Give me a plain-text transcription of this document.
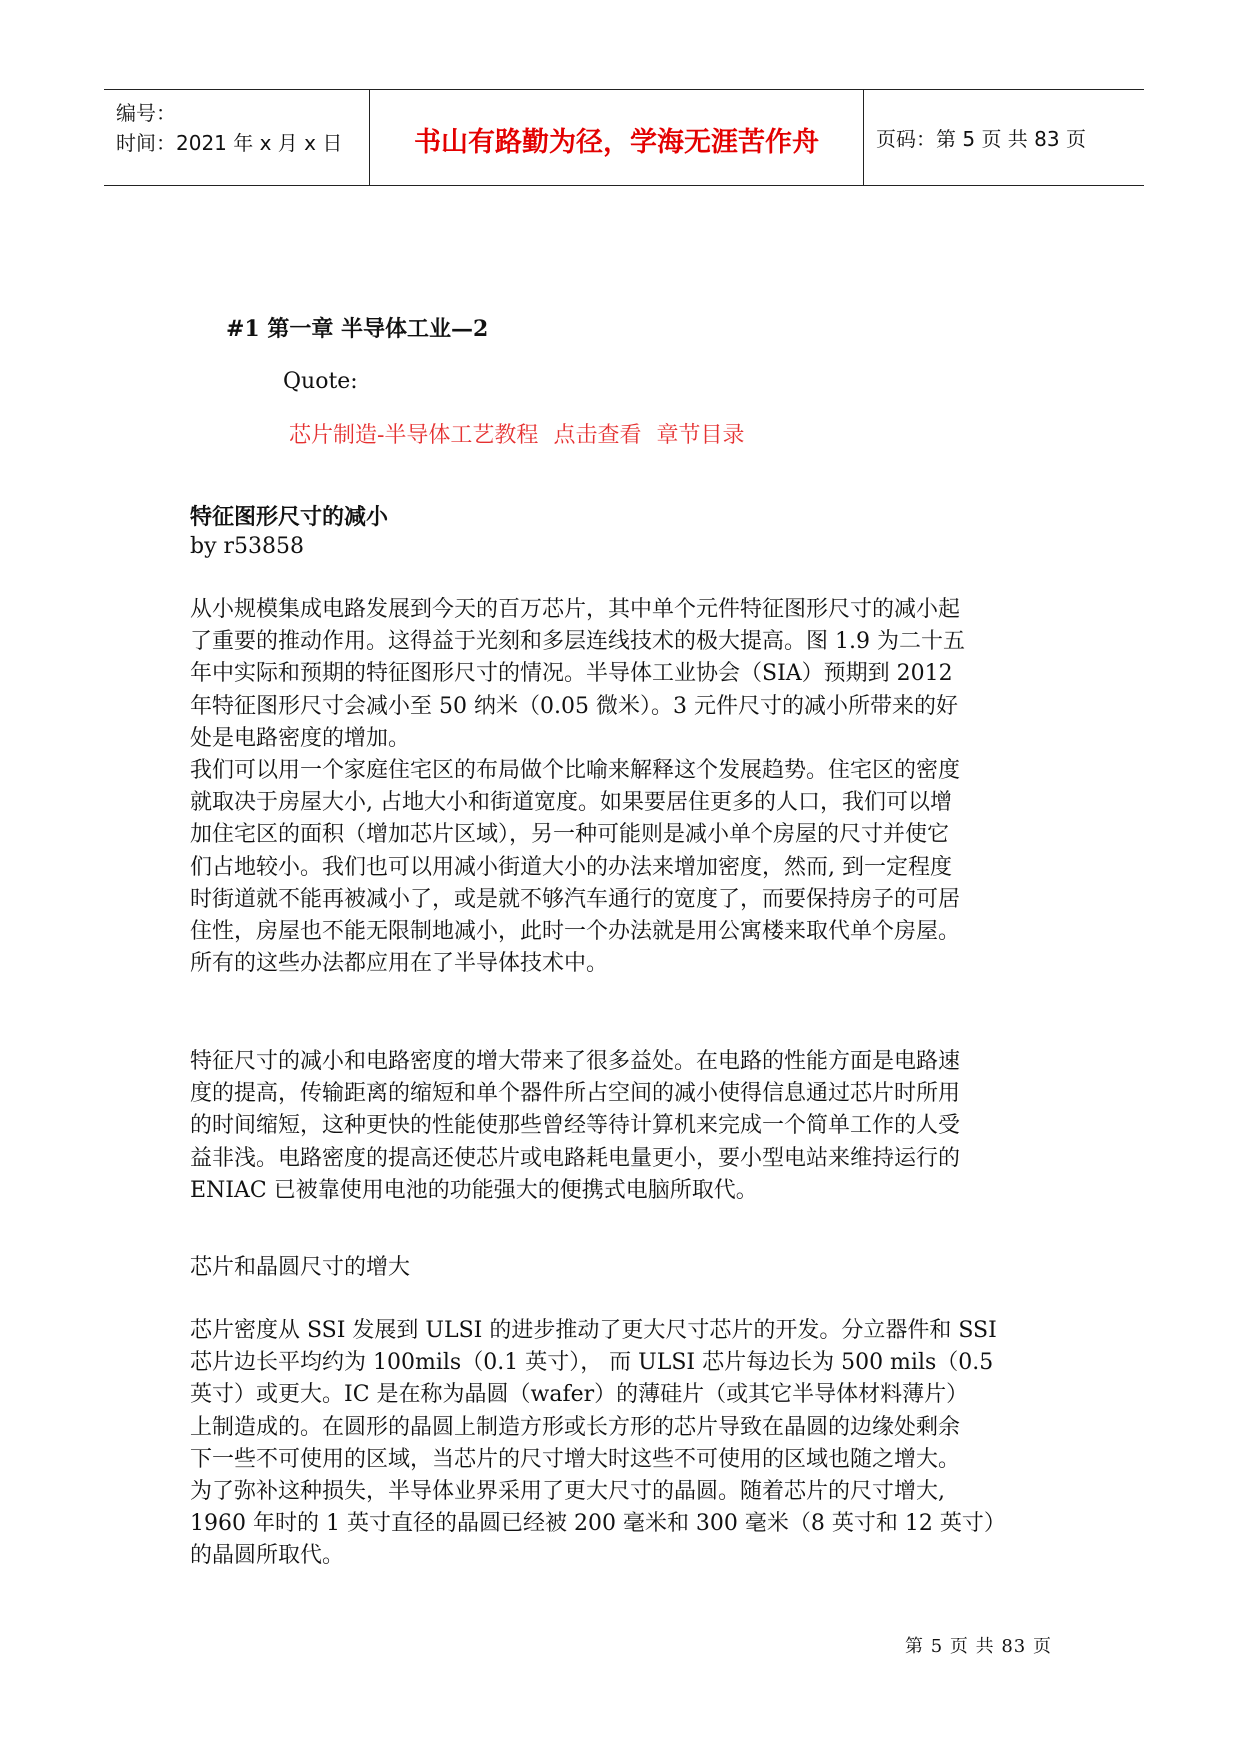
编号：
时间：2021 年 x 月 x 日	书山有路勤为径，学海无涯苦作舟	页码：第 5 页 共 83 页
#1 第一章 半导体工业—2
Quote:
芯片制造-半导体工艺教程 点击查看 章节目录
特征图形尺寸的减小
by r53858
从小规模集成电路发展到今天的百万芯片，其中单个元件特征图形尺寸的减小起
了重要的推动作用。这得益于光刻和多层连线技术的极大提高。图 1.9 为二十五
年中实际和预期的特征图形尺寸的情况。半导体工业协会（SIA）预期到 2012
年特征图形尺寸会减小至 50 纳米（0.05 微米）。3 元件尺寸的减小所带来的好
处是电路密度的增加。
我们可以用一个家庭住宅区的布局做个比喻来解释这个发展趋势。住宅区的密度
就取决于房屋大小, 占地大小和街道宽度。如果要居住更多的人口，我们可以增
加住宅区的面积（增加芯片区域），另一种可能则是减小单个房屋的尺寸并使它
们占地较小。我们也可以用减小街道大小的办法来增加密度，然而, 到一定程度
时街道就不能再被减小了，或是就不够汽车通行的宽度了，而要保持房子的可居
住性，房屋也不能无限制地减小，此时一个办法就是用公寓楼来取代单个房屋。
所有的这些办法都应用在了半导体技术中。
特征尺寸的减小和电路密度的增大带来了很多益处。在电路的性能方面是电路速
度的提高，传输距离的缩短和单个器件所占空间的减小使得信息通过芯片时所用
的时间缩短，这种更快的性能使那些曾经等待计算机来完成一个简单工作的人受
益非浅。电路密度的提高还使芯片或电路耗电量更小，要小型电站来维持运行的
ENIAC 已被靠使用电池的功能强大的便携式电脑所取代。
芯片和晶圆尺寸的增大
芯片密度从 SSI 发展到 ULSI 的进步推动了更大尺寸芯片的开发。分立器件和 SSI
芯片边长平均约为 100mils（0.1 英寸）， 而 ULSI 芯片每边长为 500 mils（0.5
英寸）或更大。IC 是在称为晶圆（wafer）的薄硅片（或其它半导体材料薄片）
上制造成的。在圆形的晶圆上制造方形或长方形的芯片导致在晶圆的边缘处剩余
下一些不可使用的区域，当芯片的尺寸增大时这些不可使用的区域也随之增大。
为了弥补这种损失，半导体业界采用了更大尺寸的晶圆。随着芯片的尺寸增大,
1960 年时的 1 英寸直径的晶圆已经被 200 毫米和 300 毫米（8 英寸和 12 英寸）
的晶圆所取代。
第 5 页 共 83 页
